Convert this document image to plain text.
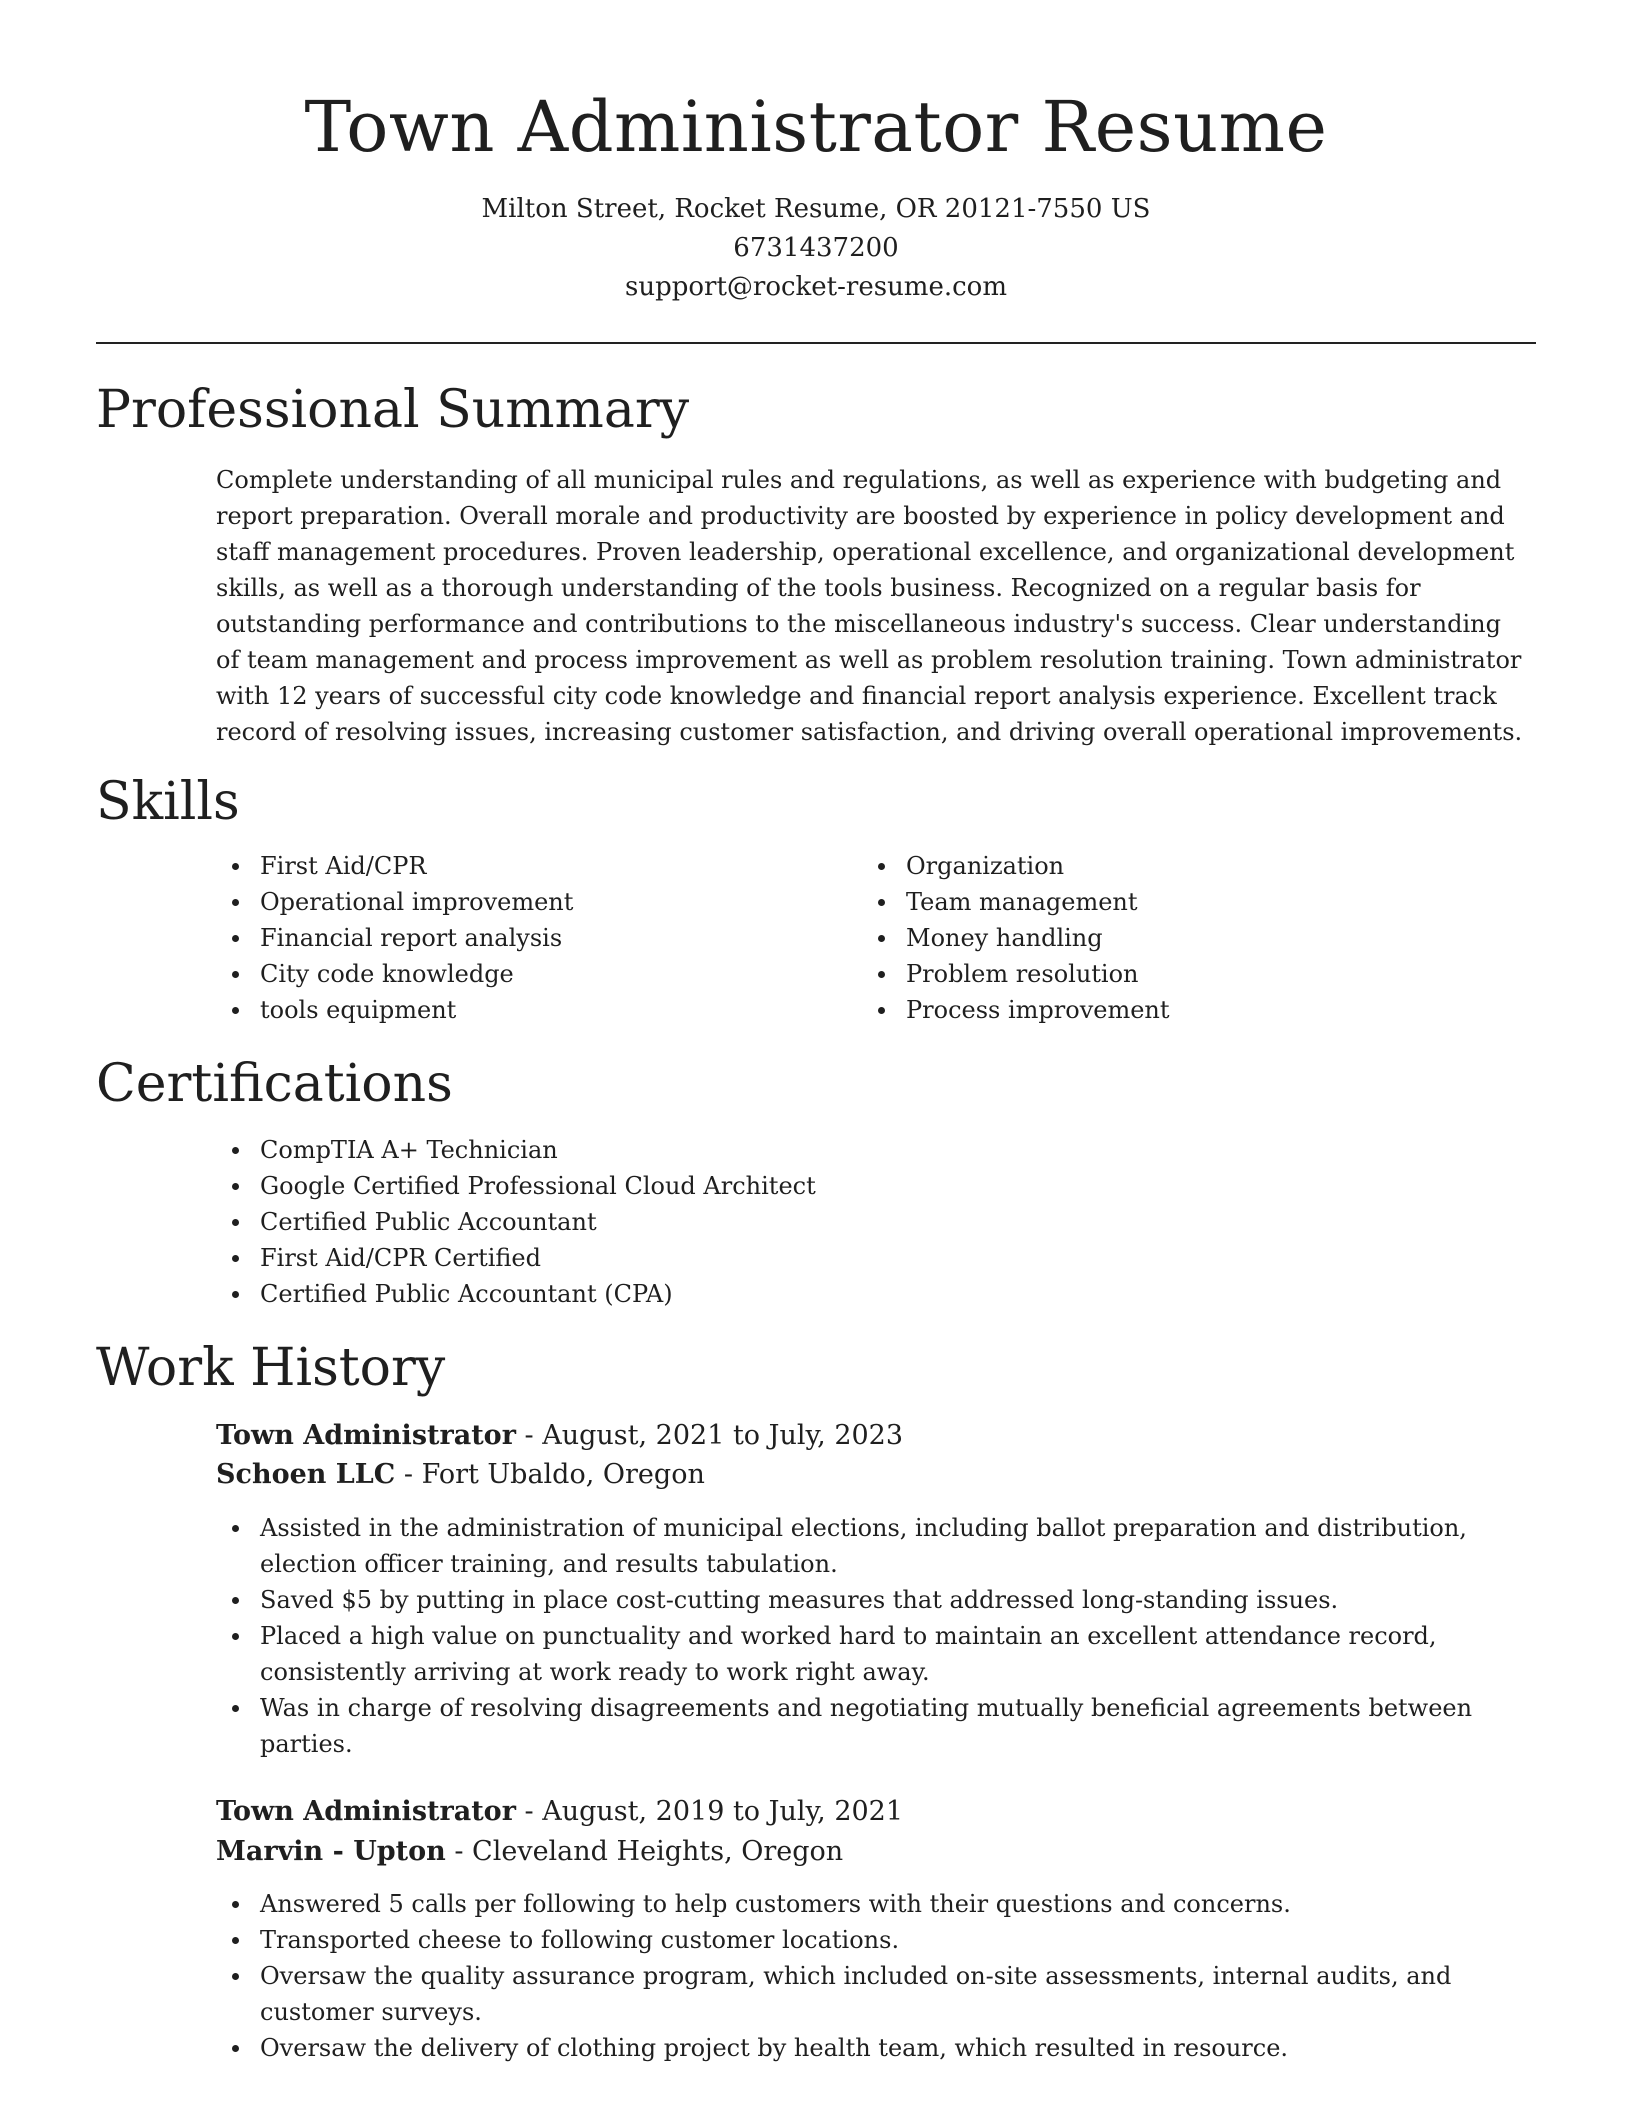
Town Administrator Resume
Milton Street, Rocket Resume, OR 20121-7550 US
6731437200
support@rocket-resume.com
Professional Summary

Complete understanding of all municipal rules and regulations, as well as experience with budgeting and report preparation. Overall morale and productivity are boosted by experience in policy development and staff management procedures. Proven leadership, operational excellence, and organizational development skills, as well as a thorough understanding of the tools business. Recognized on a regular basis for outstanding performance and contributions to the miscellaneous industry's success. Clear understanding of team management and process improvement as well as problem resolution training. Town administrator with 12 years of successful city code knowledge and financial report analysis experience. Excellent track record of resolving issues, increasing customer satisfaction, and driving overall operational improvements.

Skills
First Aid/CPR
Operational improvement
Financial report analysis
City code knowledge
tools equipment
Organization
Team management
Money handling
Problem resolution
Process improvement
Certifications
CompTIA A+ Technician
Google Certified Professional Cloud Architect
Certified Public Accountant
First Aid/CPR Certified
Certified Public Accountant (CPA)
Work History
Town Administrator - August, 2021 to July, 2023
Schoen LLC - Fort Ubaldo, Oregon
Assisted in the administration of municipal elections, including ballot preparation and distribution, election officer training, and results tabulation.
Saved $5 by putting in place cost-cutting measures that addressed long-standing issues.
Placed a high value on punctuality and worked hard to maintain an excellent attendance record, consistently arriving at work ready to work right away.
Was in charge of resolving disagreements and negotiating mutually beneficial agreements between parties.
Town Administrator - August, 2019 to July, 2021
Marvin - Upton - Cleveland Heights, Oregon
Answered 5 calls per following to help customers with their questions and concerns.
Transported cheese to following customer locations.
Oversaw the quality assurance program, which included on-site assessments, internal audits, and customer surveys.
Oversaw the delivery of clothing project by health team, which resulted in resource.
